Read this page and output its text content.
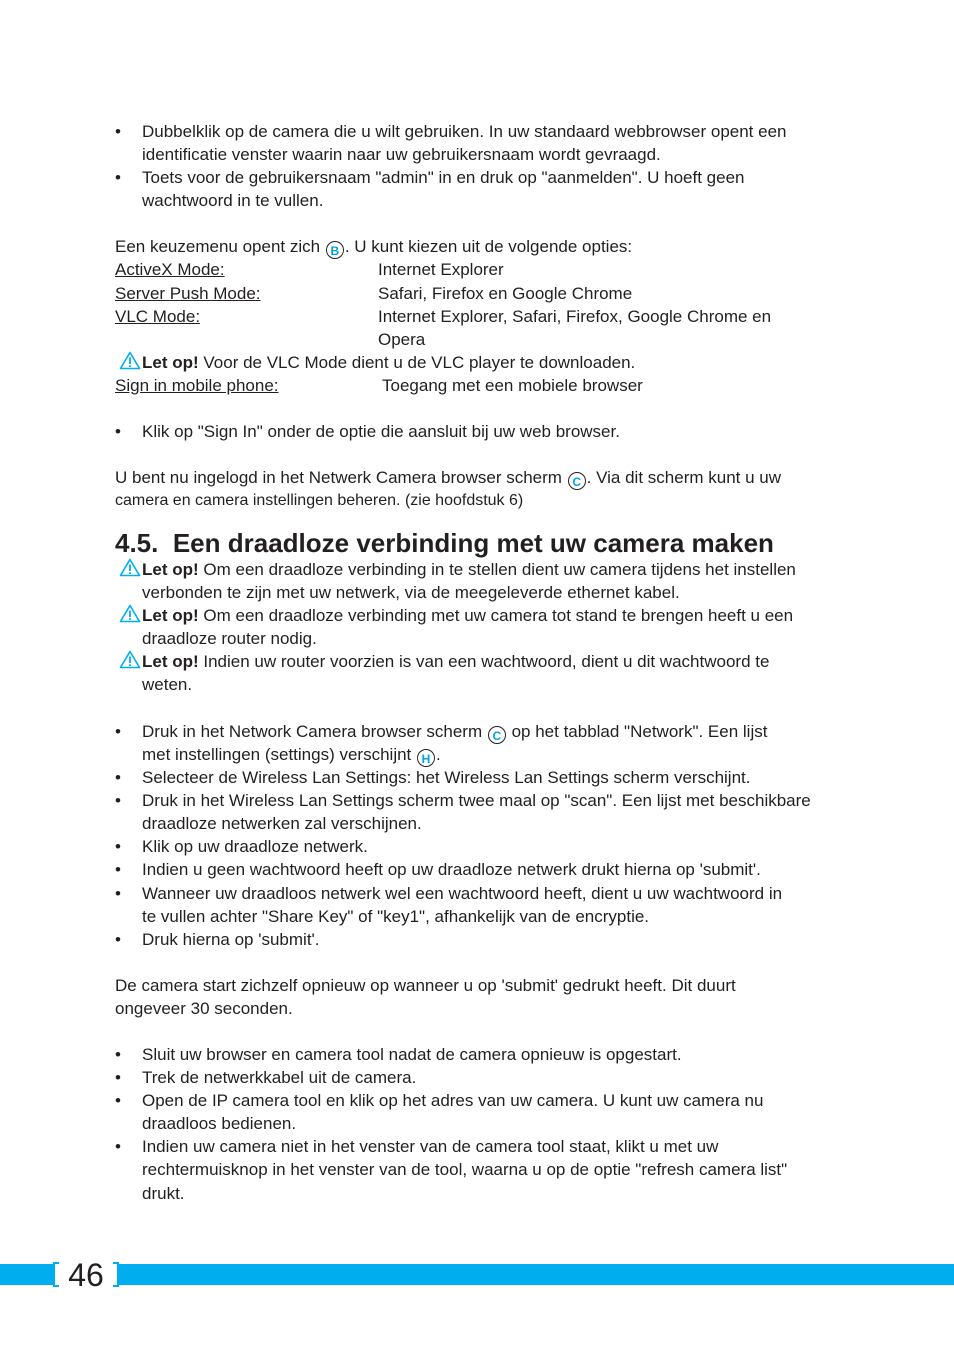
• Dubbelklik op de camera die u wilt gebruiken. In uw standaard webbrowser opent een
identificatie venster waarin naar uw gebruikersnaam wordt gevraagd.
• Toets voor de gebruikersnaam "admin" in en druk op "aanmelden". U hoeft geen
wachtwoord in te vullen.
Een keuzemenu opent zich B . U kunt kiezen uit de volgende opties:
ActiveX Mode:	Internet Explorer
Server Push Mode:	Safari, Firefox en Google Chrome
VLC Mode:	Internet Explorer, Safari, Firefox, Google Chrome en
Opera
Let op! Voor de VLC Mode dient u de VLC player te downloaden.
Sign in mobile phone:	Toegang met een mobiele browser
• Klik op "Sign In" onder de optie die aansluit bij uw web browser.
U bent nu ingelogd in het Netwerk Camera browser scherm C . Via dit scherm kunt u uw
camera en camera instellingen beheren. (zie hoofdstuk 6)
4.5. Een draadloze verbinding met uw camera maken
Let op! Om een draadloze verbinding in te stellen dient uw camera tijdens het instellen
verbonden te zijn met uw netwerk, via de meegeleverde ethernet kabel.
Let op! Om een draadloze verbinding met uw camera tot stand te brengen heeft u een
draadloze router nodig.
Let op! Indien uw router voorzien is van een wachtwoord, dient u dit wachtwoord te
weten.
• Druk in het Network Camera browser scherm C op het tabblad "Network". Een lijst
met instellingen (settings) verschijnt H .
• Selecteer de Wireless Lan Settings: het Wireless Lan Settings scherm verschijnt.
• Druk in het Wireless Lan Settings scherm twee maal op "scan". Een lijst met beschikbare
draadloze netwerken zal verschijnen.
• Klik op uw draadloze netwerk.
• Indien u geen wachtwoord heeft op uw draadloze netwerk drukt hierna op 'submit'.
• Wanneer uw draadloos netwerk wel een wachtwoord heeft, dient u uw wachtwoord in
te vullen achter "Share Key" of "key1", afhankelijk van de encryptie.
• Druk hierna op 'submit'.
De camera start zichzelf opnieuw op wanneer u op 'submit' gedrukt heeft. Dit duurt
ongeveer 30 seconden.
• Sluit uw browser en camera tool nadat de camera opnieuw is opgestart.
• Trek de netwerkkabel uit de camera.
• Open de IP camera tool en klik op het adres van uw camera. U kunt uw camera nu
draadloos bedienen.
• Indien uw camera niet in het venster van de camera tool staat, klikt u met uw
rechtermuisknop in het venster van de tool, waarna u op de optie "refresh camera list"
drukt.
46
